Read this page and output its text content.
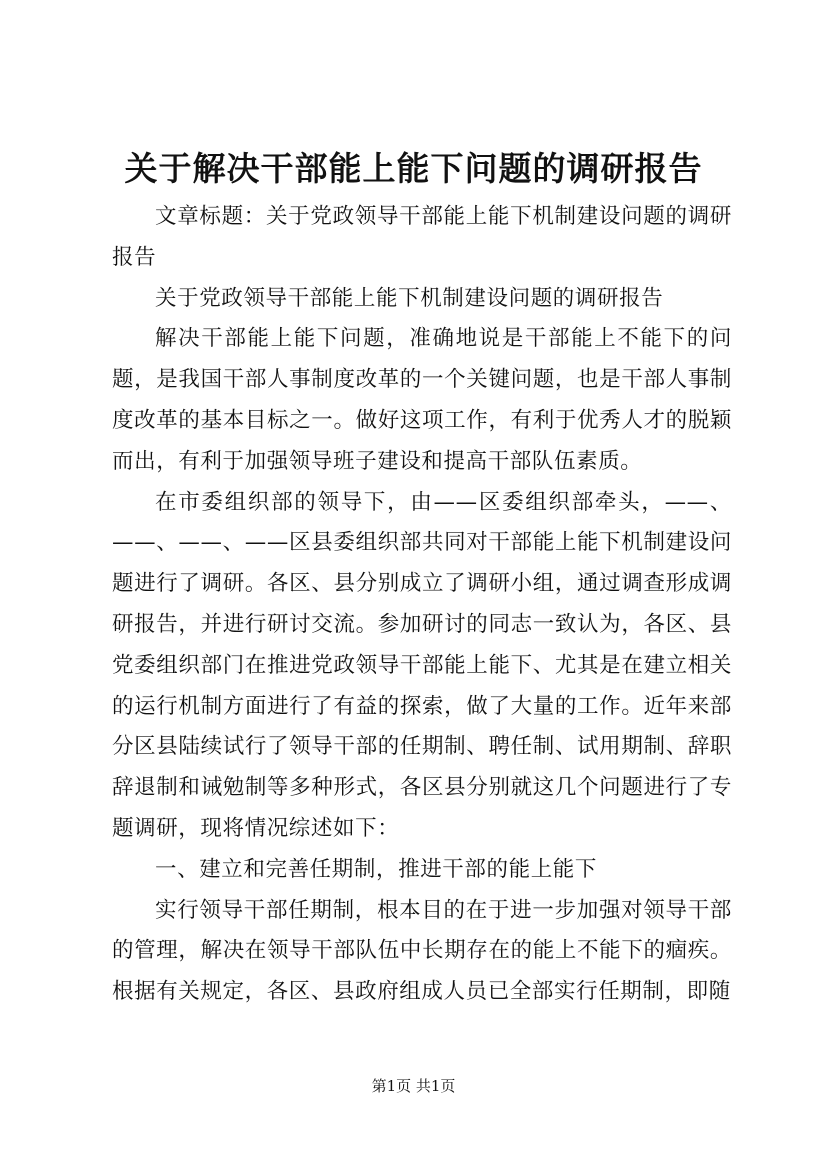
关于解决干部能上能下问题的调研报告

文章标题：关于党政领导干部能上能下机制建设问题的调研报告

关于党政领导干部能上能下机制建设问题的调研报告

解决干部能上能下问题，准确地说是干部能上不能下的问题，是我国干部人事制度改革的一个关键问题，也是干部人事制度改革的基本目标之一。做好这项工作，有利于优秀人才的脱颖而出，有利于加强领导班子建设和提高干部队伍素质。

在市委组织部的领导下，由——区委组织部牵头，——、——、——、——区县委组织部共同对干部能上能下机制建设问题进行了调研。各区、县分别成立了调研小组，通过调查形成调研报告，并进行研讨交流。参加研讨的同志一致认为，各区、县党委组织部门在推进党政领导干部能上能下、尤其是在建立相关的运行机制方面进行了有益的探索，做了大量的工作。近年来部分区县陆续试行了领导干部的任期制、聘任制、试用期制、辞职辞退制和诫勉制等多种形式，各区县分别就这几个问题进行了专题调研，现将情况综述如下：

一、建立和完善任期制，推进干部的能上能下

实行领导干部任期制，根本目的在于进一步加强对领导干部的管理，解决在领导干部队伍中长期存在的能上不能下的痼疾。根据有关规定，各区、县政府组成人员已全部实行任期制，即随

第1页 共1页
